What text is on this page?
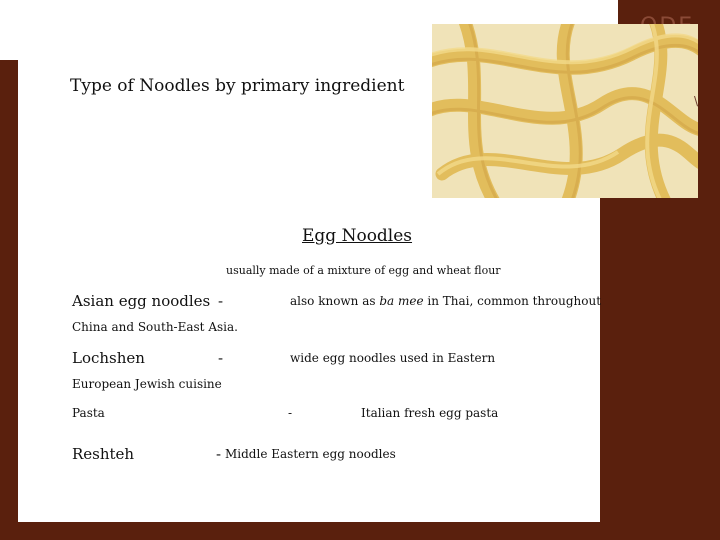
Type of Noodles by primary ingredient
\
Egg Noodles
usually made of a mixture of egg and wheat flour
Asian egg noodles -	also known as ba mee in Thai, common throughout
China and South-East Asia.
Lochshen	-	wide egg noodles used in Eastern
European Jewish cuisine
Pasta	-	Italian fresh egg pasta
Reshteh	- Middle Eastern egg noodles
